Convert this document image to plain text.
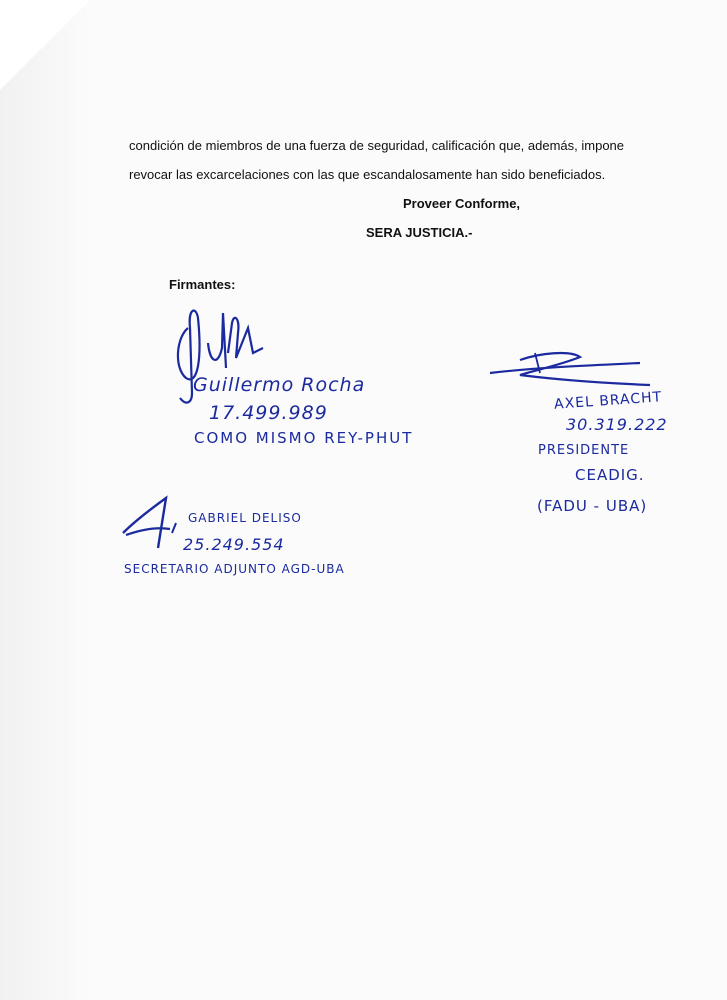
condición de miembros de una fuerza de seguridad, calificación que, además, impone
revocar las excarcelaciones con las que escandalosamente han sido beneficiados.
Proveer Conforme,
SERA JUSTICIA.-
Firmantes:
Guillermo Rocha
17.499.989
COMO MISMO REY-PHUT
AXEL BRACHT
30.319.222
PRESIDENTE
CEADIG.
(FADU - UBA)
GABRIEL DELISO
25.249.554
SECRETARIO ADJUNTO AGD-UBA
